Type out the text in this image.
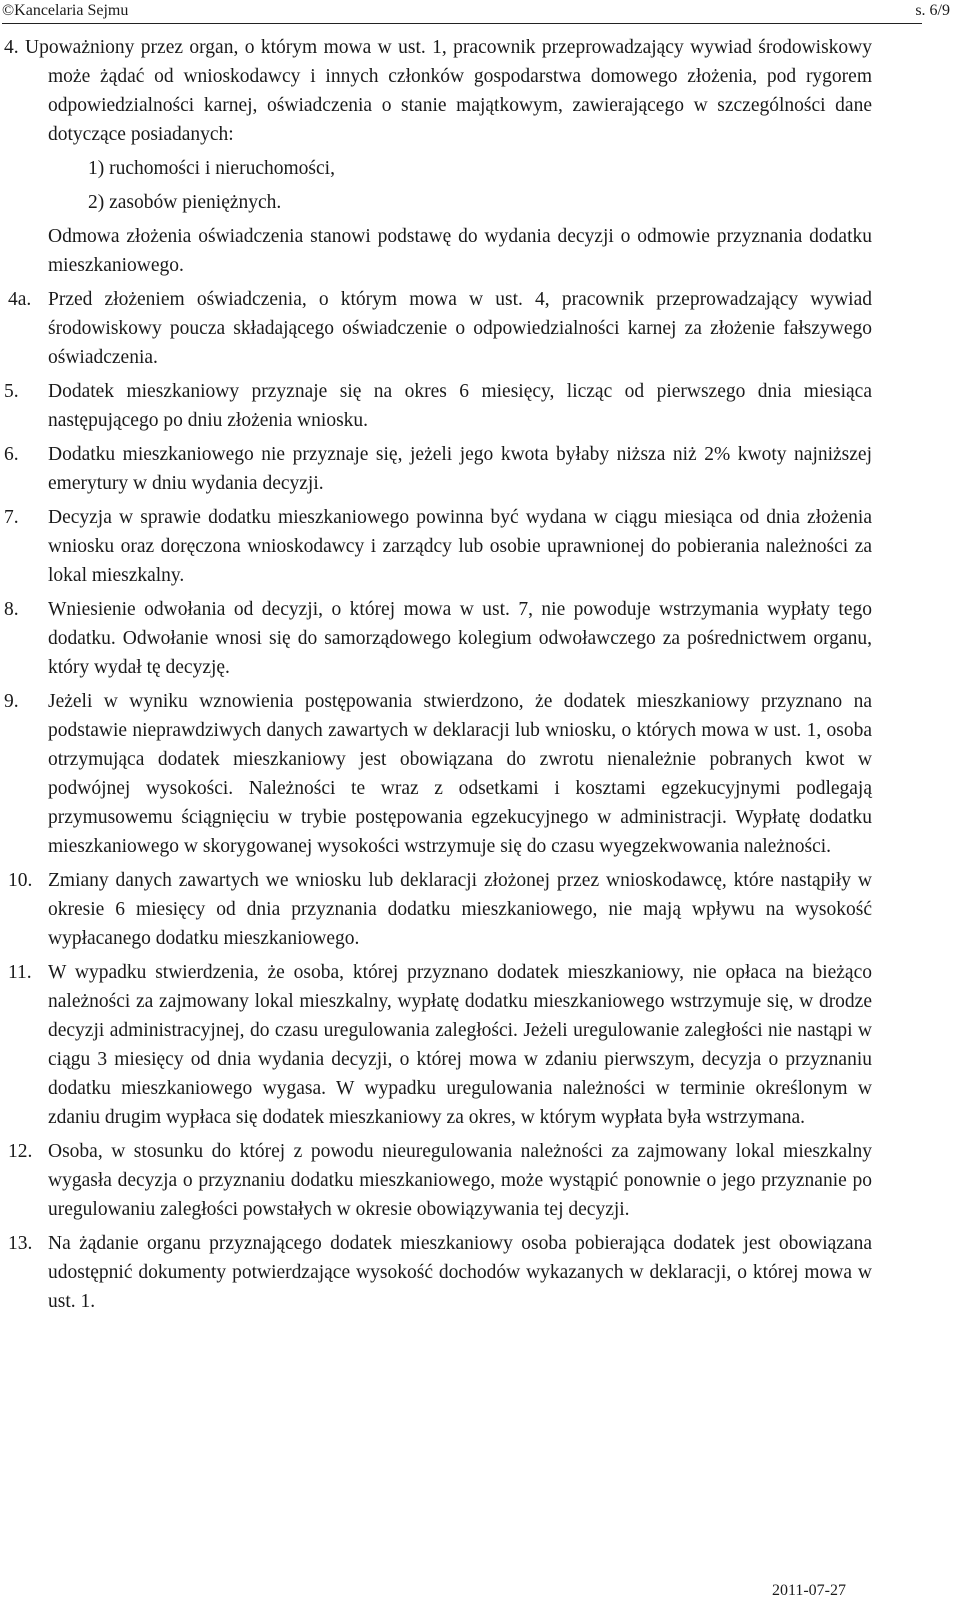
©Kancelaria Sejmu	s. 6/9

4. Upoważniony przez organ, o którym mowa w ust. 1, pracownik przeprowadzający wywiad środowiskowy może żądać od wnioskodawcy i innych członków gospodarstwa domowego złożenia, pod rygorem odpowiedzialności karnej, oświadczenia o stanie majątkowym, zawierającego w szczególności dane dotyczące posiadanych:

1) ruchomości i nieruchomości,

2) zasobów pieniężnych.

Odmowa złożenia oświadczenia stanowi podstawę do wydania decyzji o odmowie przyznania dodatku mieszkaniowego.

4a. Przed złożeniem oświadczenia, o którym mowa w ust. 4, pracownik przeprowadzający wywiad środowiskowy poucza składającego oświadczenie o odpowiedzialności karnej za złożenie fałszywego oświadczenia.
5. Dodatek mieszkaniowy przyznaje się na okres 6 miesięcy, licząc od pierwszego dnia miesiąca następującego po dniu złożenia wniosku.
6. Dodatku mieszkaniowego nie przyznaje się, jeżeli jego kwota byłaby niższa niż 2% kwoty najniższej emerytury w dniu wydania decyzji.
7. Decyzja w sprawie dodatku mieszkaniowego powinna być wydana w ciągu miesiąca od dnia złożenia wniosku oraz doręczona wnioskodawcy i zarządcy lub osobie uprawnionej do pobierania należności za lokal mieszkalny.
8. Wniesienie odwołania od decyzji, o której mowa w ust. 7, nie powoduje wstrzymania wypłaty tego dodatku. Odwołanie wnosi się do samorządowego kolegium odwoławczego za pośrednictwem organu, który wydał tę decyzję.
9. Jeżeli w wyniku wznowienia postępowania stwierdzono, że dodatek mieszkaniowy przyznano na podstawie nieprawdziwych danych zawartych w deklaracji lub wniosku, o których mowa w ust. 1, osoba otrzymująca dodatek mieszkaniowy jest obowiązana do zwrotu nienależnie pobranych kwot w podwójnej wysokości. Należności te wraz z odsetkami i kosztami egzekucyjnymi podlegają przymusowemu ściągnięciu w trybie postępowania egzekucyjnego w administracji. Wypłatę dodatku mieszkaniowego w skorygowanej wysokości wstrzymuje się do czasu wyegzekwowania należności.
10. Zmiany danych zawartych we wniosku lub deklaracji złożonej przez wnioskodawcę, które nastąpiły w okresie 6 miesięcy od dnia przyznania dodatku mieszkaniowego, nie mają wpływu na wysokość wypłacanego dodatku mieszkaniowego.
11. W wypadku stwierdzenia, że osoba, której przyznano dodatek mieszkaniowy, nie opłaca na bieżąco należności za zajmowany lokal mieszkalny, wypłatę dodatku mieszkaniowego wstrzymuje się, w drodze decyzji administracyjnej, do czasu uregulowania zaległości. Jeżeli uregulowanie zaległości nie nastąpi w ciągu 3 miesięcy od dnia wydania decyzji, o której mowa w zdaniu pierwszym, decyzja o przyznaniu dodatku mieszkaniowego wygasa. W wypadku uregulowania należności w terminie określonym w zdaniu drugim wypłaca się dodatek mieszkaniowy za okres, w którym wypłata była wstrzymana.
12. Osoba, w stosunku do której z powodu nieuregulowania należności za zajmowany lokal mieszkalny wygasła decyzja o przyznaniu dodatku mieszkaniowego, może wystąpić ponownie o jego przyznanie po uregulowaniu zaległości powstałych w okresie obowiązywania tej decyzji.
13. Na żądanie organu przyznającego dodatek mieszkaniowy osoba pobierająca dodatek jest obowiązana udostępnić dokumenty potwierdzające wysokość dochodów wykazanych w deklaracji, o której mowa w ust. 1.
2011-07-27
